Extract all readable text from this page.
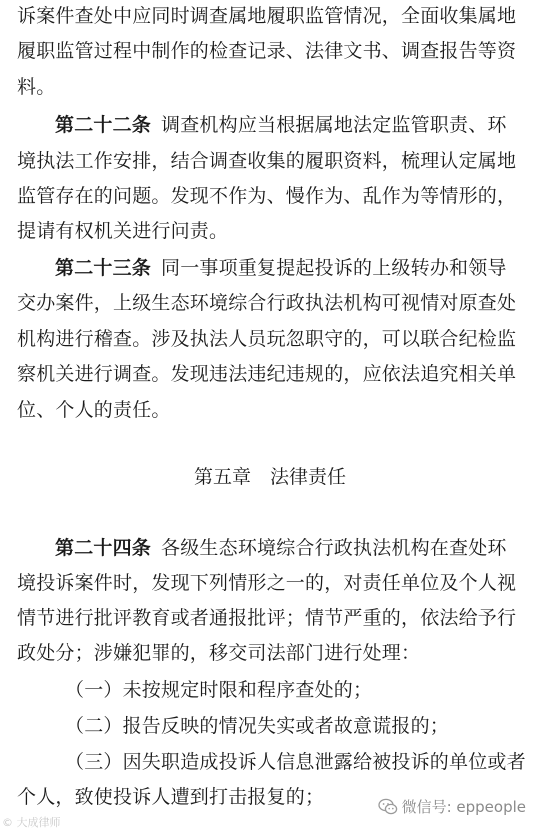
诉案件查处中应同时调查属地履职监管情况，全面收集属地
履职监管过程中制作的检查记录、法律文书、调查报告等资
料。
第二十二条 调查机构应当根据属地法定监管职责、环
境执法工作安排，结合调查收集的履职资料，梳理认定属地
监管存在的问题。发现不作为、慢作为、乱作为等情形的，
提请有权机关进行问责。
第二十三条 同一事项重复提起投诉的上级转办和领导
交办案件，上级生态环境综合行政执法机构可视情对原查处
机构进行稽查。涉及执法人员玩忽职守的，可以联合纪检监
察机关进行调查。发现违法违纪违规的，应依法追究相关单
位、个人的责任。
第五章　法律责任
第二十四条 各级生态环境综合行政执法机构在查处环
境投诉案件时，发现下列情形之一的，对责任单位及个人视
情节进行批评教育或者通报批评；情节严重的，依法给予行
政处分；涉嫌犯罪的，移交司法部门进行处理：
（一）未按规定时限和程序查处的；
（二）报告反映的情况失实或者故意谎报的；
（三）因失职造成投诉人信息泄露给被投诉的单位或者
个人，致使投诉人遭到打击报复的；
© 大成律师
微信号: eppeople
